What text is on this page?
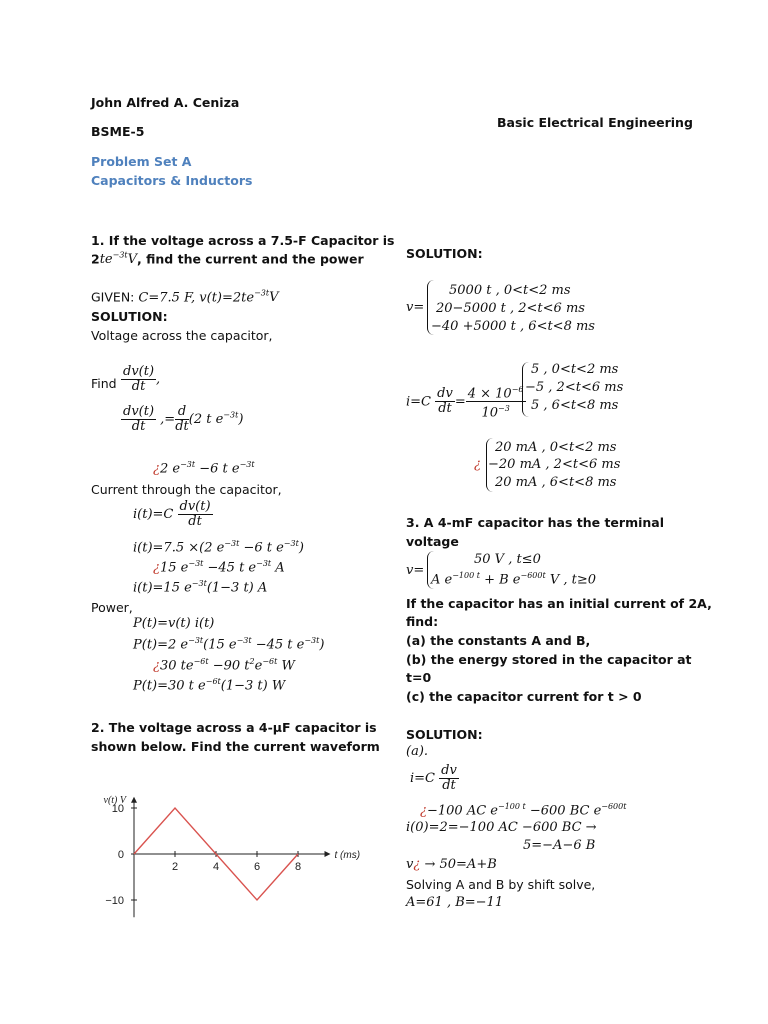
John Alfred A. Ceniza
BSME-5
Basic Electrical Engineering
Problem Set A
Capacitors & Inductors
1. If the voltage across a 7.5-F Capacitor is
$2te^{-3t}V$, find the current and the power
GIVEN: C=7.5 F, $v(t)=2te^{-3t}V$
SOLUTION:
Voltage across the capacitor,
Find $\frac{dv(t)}{dt}$ ,
$\frac{dv(t)}{dt}$ ,= $\frac{d}{dt} (2$ t $e^{-3t}$)
¿2 $e^{-3t} -6$ t $e^{-3t}$
Current through the capacitor,
$i(t)=C \frac{dv(t)}{dt}$
i(t)=7.5 ×(2 $e^{-3t} -6$ t $e^{-3t}$)
¿15 $e^{-3t} -45$ t $e^{-3t}$ A
i(t)=15 $e^{-3t}(1-3$ t) A
Power,
P(t)=v(t) i(t)
P(t)=2 $e^{-3t}(15$ $e^{-3t} -45$ t $e^{-3t}$)
¿30 $te^{-6t} -90$ $t^2e^{-6t}$ W
P(t)=30 t $e^{-6t}(1-3$ t) W
2. The voltage across a 4-µF capacitor is
shown below. Find the current waveform
2	4	6	8
10
0
−10
v(t) V
t (ms)
SOLUTION:
v=
5000 t , 0<t<2 ms
20−5000 t , 2<t<6 ms
−40 +5000 t , 6<t<8 ms
$i=C \frac{dv}{dt} = \frac{4 \times 10^{-6}}{10^{-3}}$
5 , 0<t<2 ms
−5 , 2<t<6 ms
5 , 6<t<8 ms
¿
20 mA , 0<t<2 ms
−20 mA , 2<t<6 ms
20 mA , 6<t<8 ms
3. A 4-mF capacitor has the terminal
voltage
v=
50 V , t≤0
A $e^{-100 t} + B$ $e^{-600t}$ V , t≥0
If the capacitor has an initial current of 2A,
find:
(a) the constants A and B,
(b) the energy stored in the capacitor at
t=0
(c) the capacitor current for t > 0
SOLUTION:
(a).
$i=C \frac{dv}{dt}$
¿−100 AC $e^{-100 t} -600$ BC $e^{-600t}$
i(0)=2=−100 AC −600 BC →
5=−A−6 B
v¿ → 50=A+B
Solving A and B by shift solve,
A=61 , B=−11
